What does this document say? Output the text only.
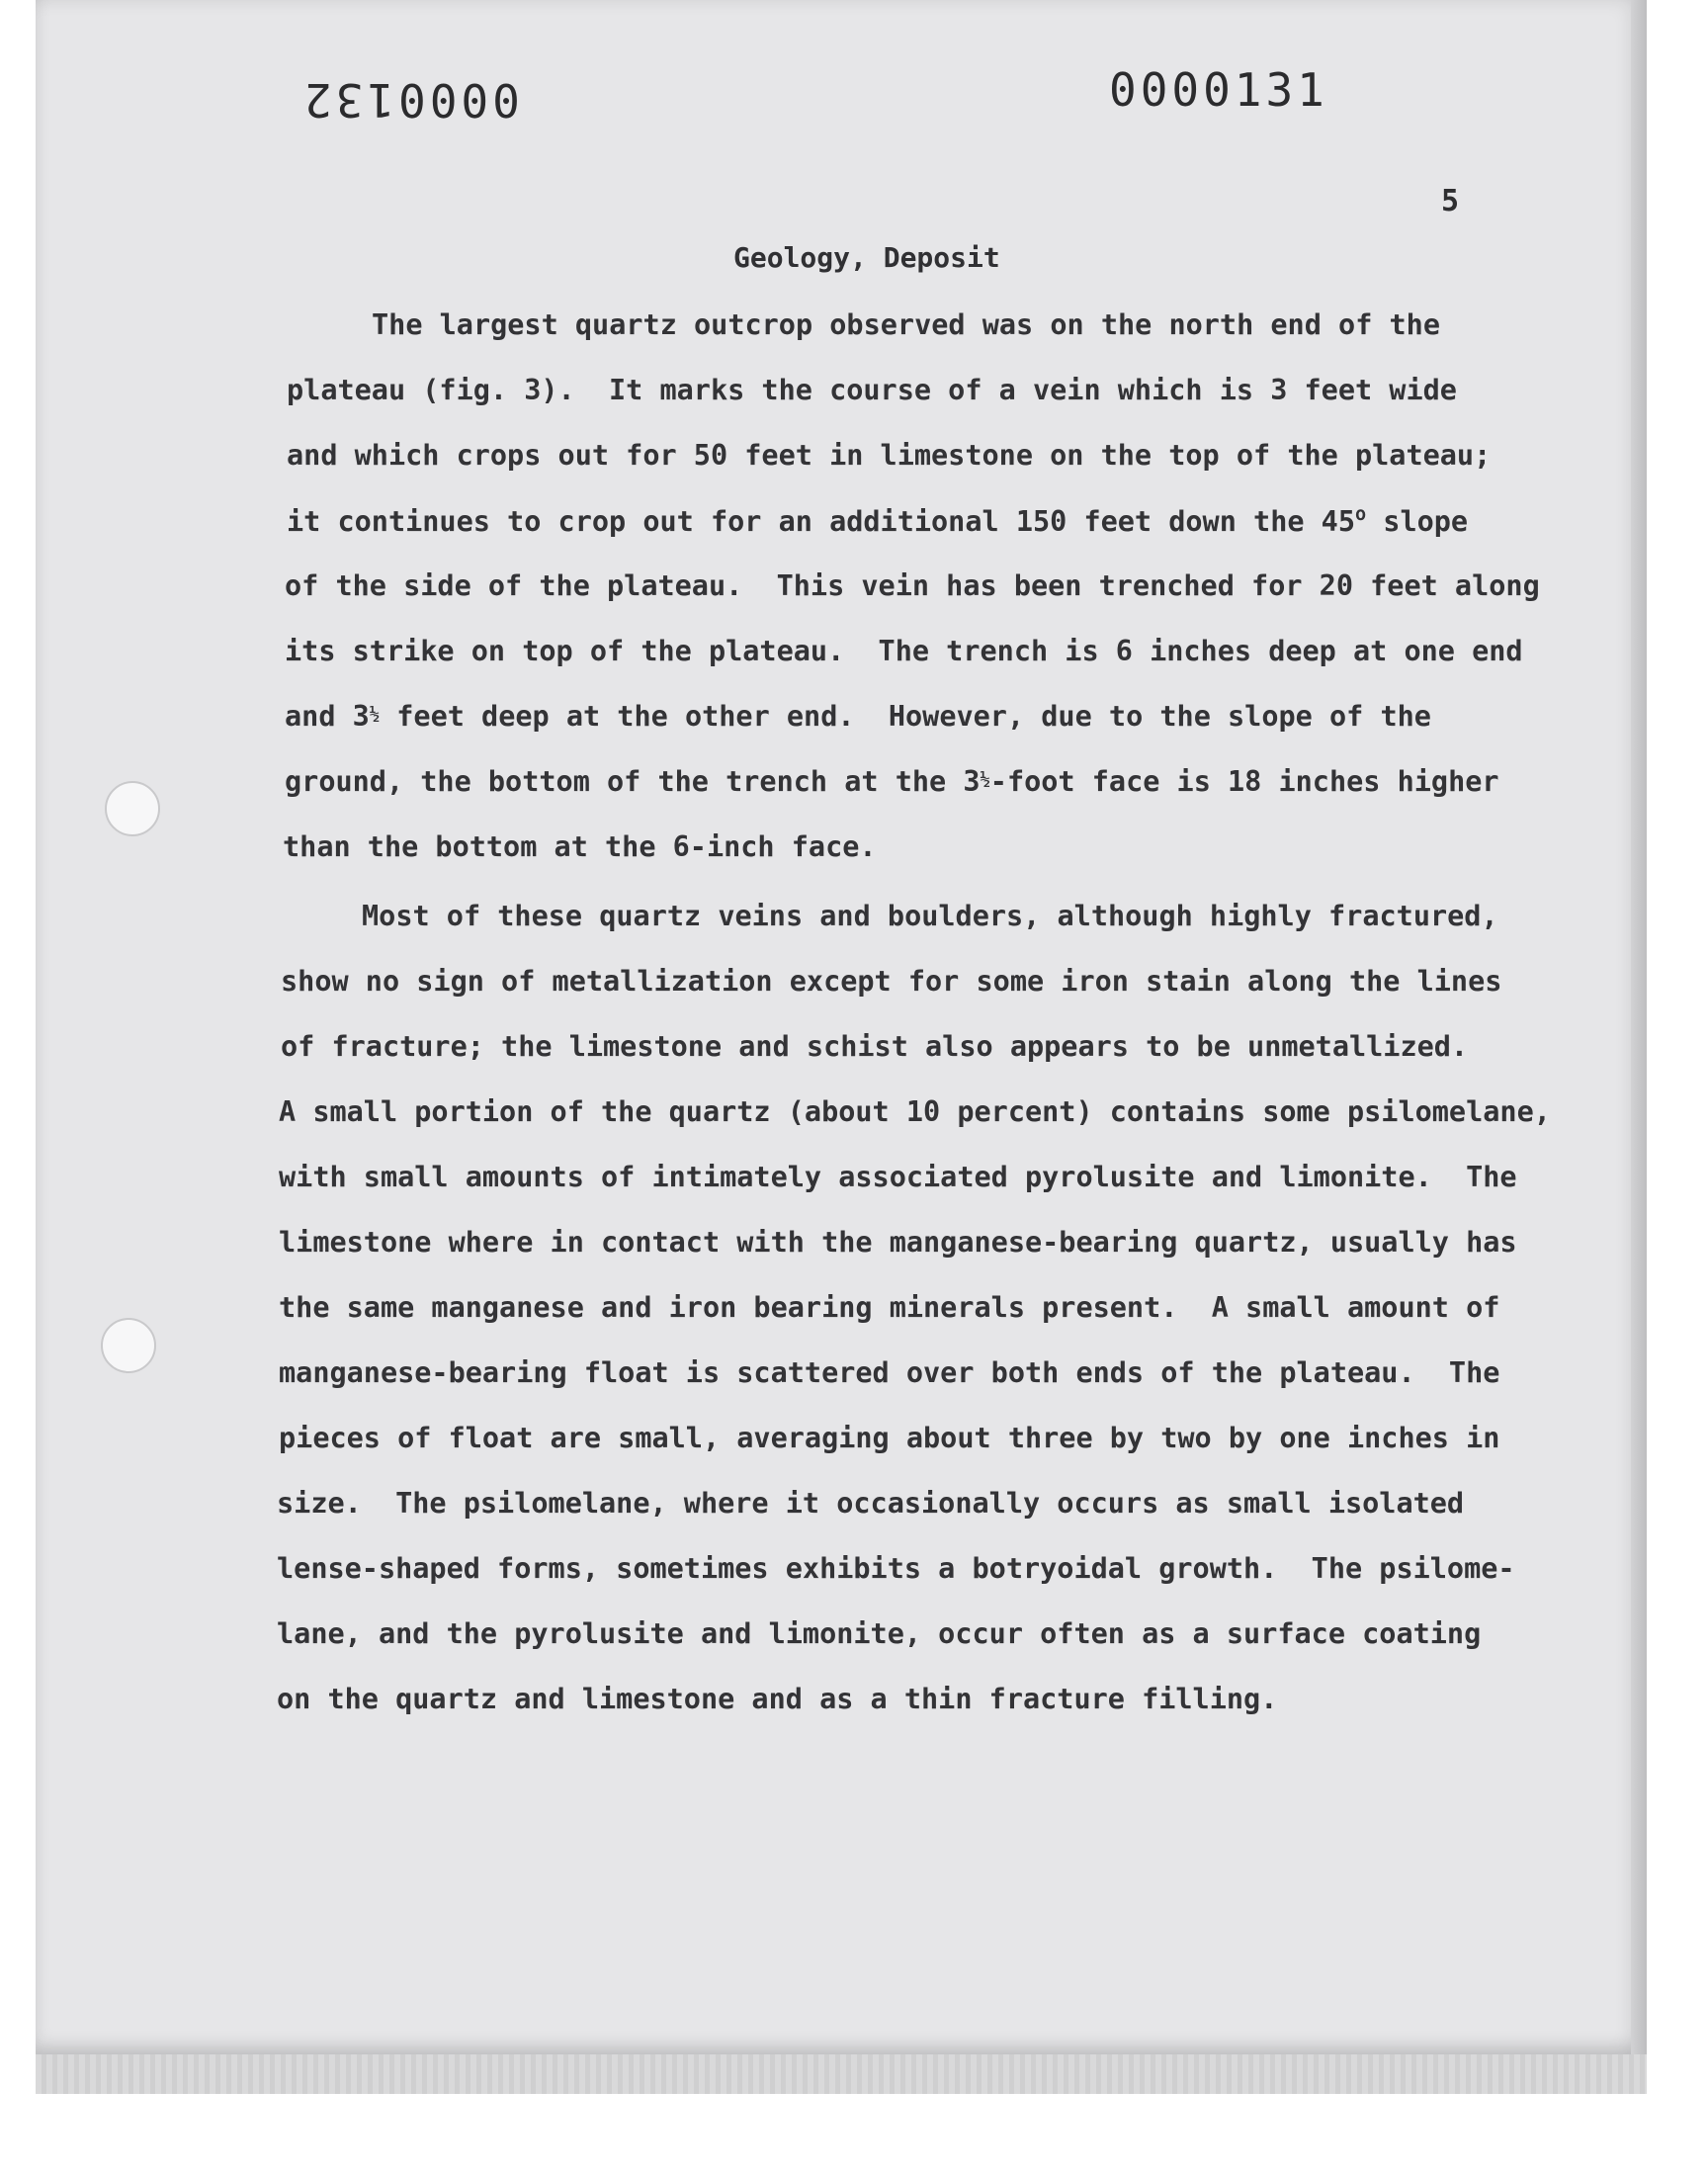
0000132	0000131
5
Geology, Deposit
The largest quartz outcrop observed was on the north end of the
plateau (fig. 3).  It marks the course of a vein which is 3 feet wide
and which crops out for 50 feet in limestone on the top of the plateau;
it continues to crop out for an additional 150 feet down the 45$^o$ slope
of the side of the plateau.  This vein has been trenched for 20 feet along
its strike on top of the plateau.  The trench is 6 inches deep at one end
and $3^{\frac{1}{2}}$ feet deep at the other end.  However, due to the slope of the
ground, the bottom of the trench at the $3^{\frac{1}{2}}$-foot face is 18 inches higher
than the bottom at the 6-inch face.
Most of these quartz veins and boulders, although highly fractured,
show no sign of metallization except for some iron stain along the lines
of fracture; the limestone and schist also appears to be unmetallized.
A small portion of the quartz (about 10 percent) contains some psilomelane,
with small amounts of intimately associated pyrolusite and limonite.  The
limestone where in contact with the manganese-bearing quartz, usually has
the same manganese and iron bearing minerals present.  A small amount of
manganese-bearing float is scattered over both ends of the plateau.  The
pieces of float are small, averaging about three by two by one inches in
size.  The psilomelane, where it occasionally occurs as small isolated
lense-shaped forms, sometimes exhibits a botryoidal growth.  The psilome-
lane, and the pyrolusite and limonite, occur often as a surface coating
on the quartz and limestone and as a thin fracture filling.
